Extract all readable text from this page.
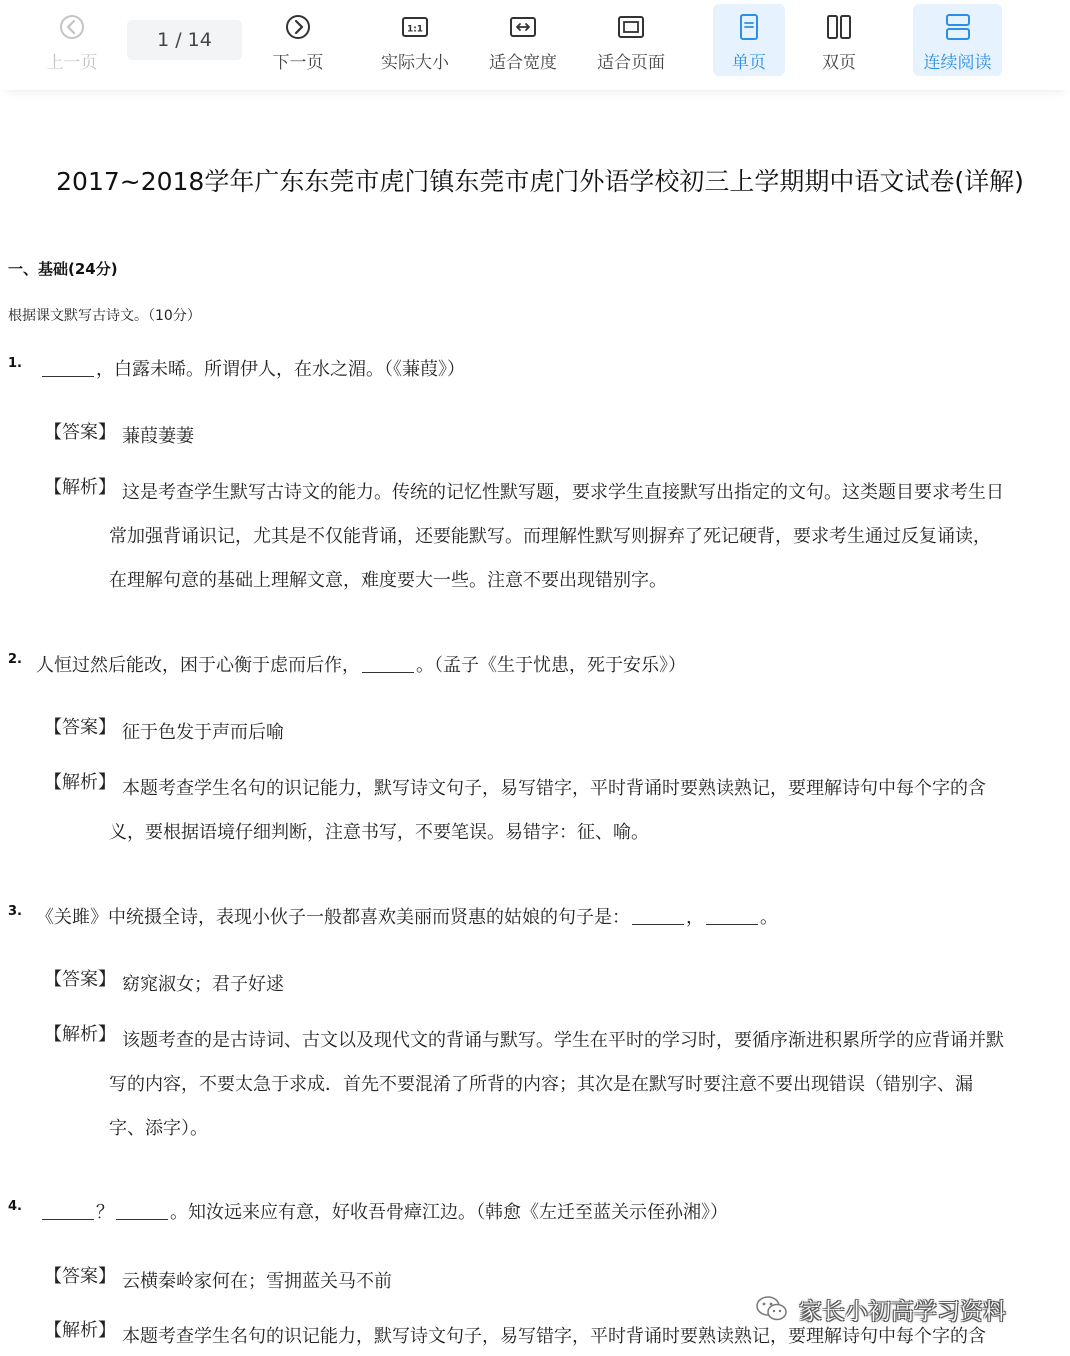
上一页
1 / 14
下一页
1:1
实际大小 适合宽度 适合页面	单页	双页	连续阅读
2017~2018学年广东东莞市虎门镇东莞市虎门外语学校初三上学期期中语文试卷(详解)
一、基础(24分)
根据课文默写古诗文。（10分）
1.	，白露未晞。所谓伊人，在水之湄。（《蒹葭》）
【答案】 蒹葭萋萋
【解析】 这是考查学生默写古诗文的能力。传统的记忆性默写题，要求学生直接默写出指定的文句。这类题目要求考生日
常加强背诵识记，尤其是不仅能背诵，还要能默写。而理解性默写则摒弃了死记硬背，要求考生通过反复诵读，
在理解句意的基础上理解文意，难度要大一些。注意不要出现错别字。
2. 人恒过然后能改，困于心衡于虑而后作，	。（孟子《生于忧患，死于安乐》）
【答案】 征于色发于声而后喻
【解析】 本题考查学生名句的识记能力，默写诗文句子，易写错字，平时背诵时要熟读熟记，要理解诗句中每个字的含
义，要根据语境仔细判断，注意书写，不要笔误。易错字：征、喻。
3. 《关雎》中统摄全诗，表现小伙子一般都喜欢美丽而贤惠的姑娘的句子是：	，	。
【答案】 窈窕淑女；君子好逑
【解析】 该题考查的是古诗词、古文以及现代文的背诵与默写。学生在平时的学习时，要循序渐进积累所学的应背诵并默
写的内容，不要太急于求成．首先不要混淆了所背的内容；其次是在默写时要注意不要出现错误（错别字、漏
字、添字）。
4.	？	。知汝远来应有意，好收吾骨瘴江边。（韩愈《左迁至蓝关示侄孙湘》）
【答案】 云横秦岭家何在；雪拥蓝关马不前
【解析】 本题考查学生名句的识记能力，默写诗文句子，易写错字，平时背诵时要熟读熟记，要理解诗句中每个字的含
家长小初高学习资料
